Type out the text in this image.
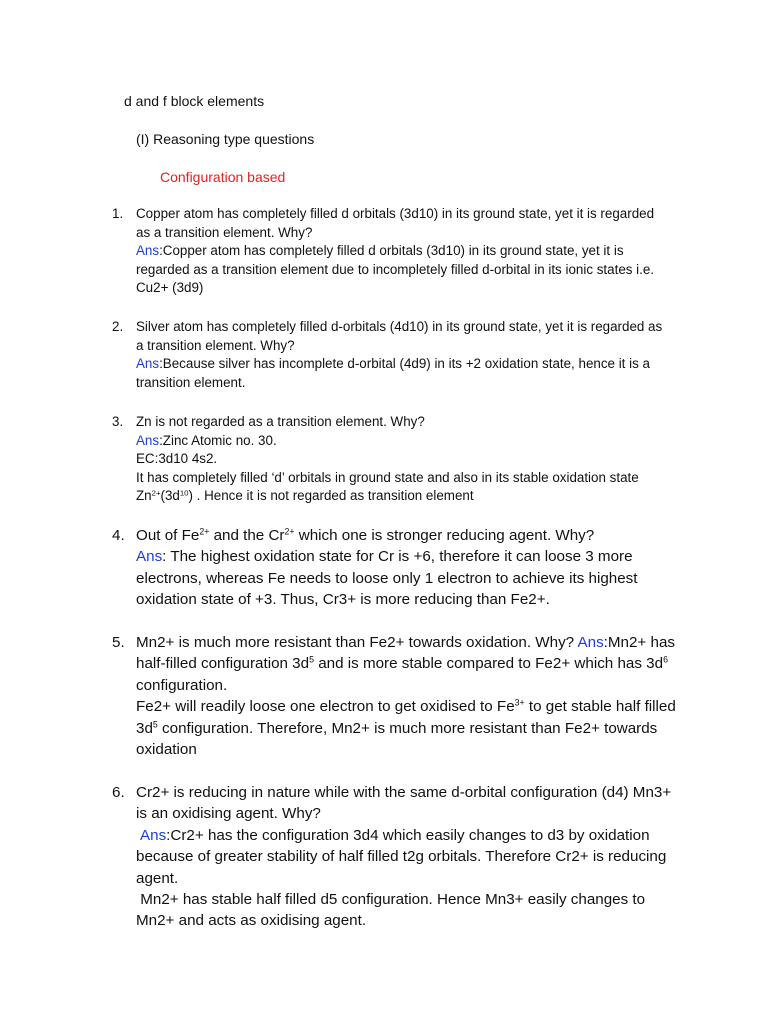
d and f block elements
(I) Reasoning type questions
Configuration based
1. Copper atom has completely filled d orbitals (3d10) in its ground state, yet it is regarded
as a transition element. Why?
Ans:Copper atom has completely filled d orbitals (3d10) in its ground state, yet it is
regarded as a transition element due to incompletely filled d-orbital in its ionic states i.e.
Cu2+ (3d9)
2. Silver atom has completely filled d-orbitals (4d10) in its ground state, yet it is regarded as
a transition element. Why?
Ans:Because silver has incomplete d-orbital (4d9) in its +2 oxidation state, hence it is a
transition element.
3. Zn is not regarded as a transition element. Why?
Ans:Zinc Atomic no. 30.
EC:3d10 4s2.
It has completely filled ‘d’ orbitals in ground state and also in its stable oxidation state
$Zn^{2+}(3d^{10})$ . Hence it is not regarded as transition element
4. Out of $Fe^{2+}$ and the $Cr^{2+}$ which one is stronger reducing agent. Why?
Ans: The highest oxidation state for Cr is +6, therefore it can loose 3 more
electrons, whereas Fe needs to loose only 1 electron to achieve its highest
oxidation state of +3. Thus, Cr3+ is more reducing than Fe2+.
5. Mn2+ is much more resistant than Fe2+ towards oxidation. Why? Ans:Mn2+ has
half-filled configuration $3d^5$ and is more stable compared to Fe2+ which has $3d^6$
configuration.
Fe2+ will readily loose one electron to get oxidised to $Fe^{3+}$ to get stable half filled
$3d^5$ configuration. Therefore, Mn2+ is much more resistant than Fe2+ towards
oxidation
6. Cr2+ is reducing in nature while with the same d-orbital configuration (d4) Mn3+
is an oxidising agent. Why?
Ans:Cr2+ has the configuration 3d4 which easily changes to d3 by oxidation
because of greater stability of half filled t2g orbitals. Therefore Cr2+ is reducing
agent.
Mn2+ has stable half filled d5 configuration. Hence Mn3+ easily changes to
Mn2+ and acts as oxidising agent.
